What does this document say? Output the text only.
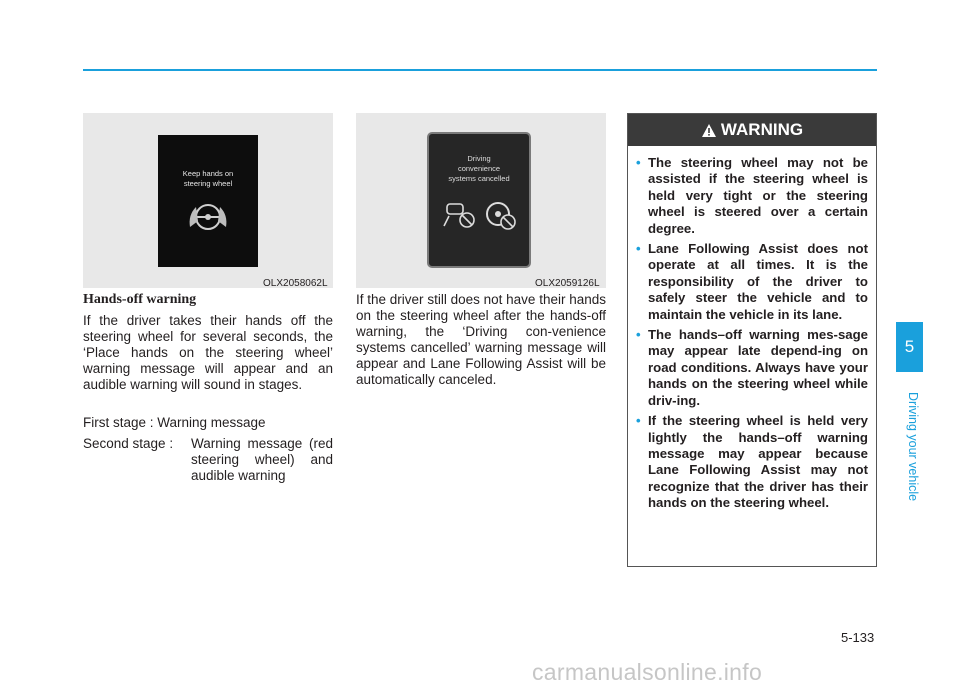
Keep hands on
steering wheel
OLX2058062L
Driving
convenience
systems cancelled
OLX2059126L
Hands-off warning

If the driver takes their hands off the steering wheel for several seconds, the ‘Place hands on the steering wheel’ warning message will appear and an audible warning will sound in stages.

First stage : Warning message

Second stage : Warning message (red steering wheel) and audible warning

If the driver still does not have their hands on the steering wheel after the hands-off warning, the ‘Driving con-venience systems cancelled’ warning message will appear and Lane Following Assist will be automatically canceled.

WARNING
• The steering wheel may not be assisted if the steering wheel is held very tight or the steering wheel is steered over a certain degree.
• Lane Following Assist does not operate at all times. It is the responsibility of the driver to safely steer the vehicle and to maintain the vehicle in its lane.
• The hands–off warning mes-sage may appear late depend-ing on road conditions. Always have your hands on the steering wheel while driv-ing.
• If the steering wheel is held very lightly the hands–off warning message may appear because Lane Following Assist may not recognize that the driver has their hands on the steering wheel.
5
Driving your vehicle
5-133
carmanualsonline.info
